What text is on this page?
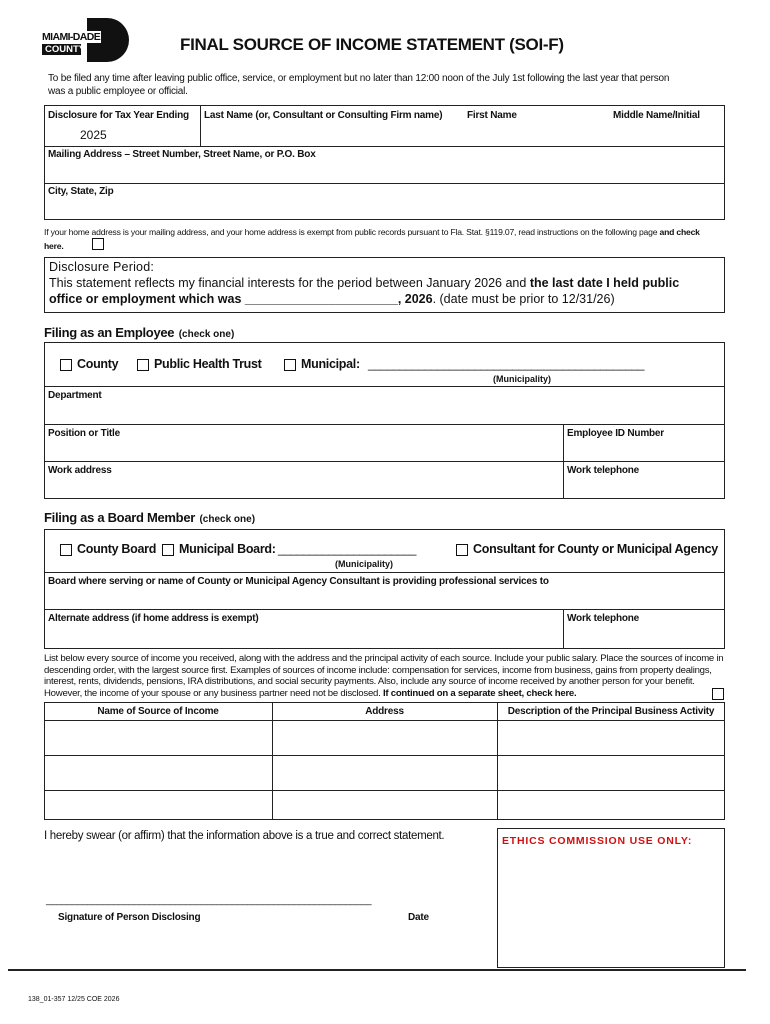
MIAMI-DADE
COUNTY	FINAL SOURCE OF INCOME STATEMENT (SOI-F)
To be filed any time after leaving public office, service, or employment but no later than 12:00 noon of the July 1st following the last year that person was a public employee or official.
Disclosure for Tax Year Ending
2025
Last Name (or, Consultant or Consulting Firm name) First Name	Middle Name/Initial
Mailing Address – Street Number, Street Name, or P.O. Box
City, State, Zip
If your home address is your mailing address, and your home address is exempt from public records pursuant to Fla. Stat. §119.07, read instructions on the following page and check here.
Disclosure Period:
This statement reflects my financial interests for the period between January 2026 and the last date I held public
office or employment which was ______________________, 2026. (date must be prior to 12/31/26)
Filing as an Employee (check one)
County	Public Health Trust	Municipal: ____________________________________________
(Municipality)
Department
Position or Title	Employee ID Number
Work address	Work telephone
Filing as a Board Member (check one)
County Board Municipal Board: ______________________
(Municipality)
Consultant for County or Municipal Agency
Board where serving or name of County or Municipal Agency Consultant is providing professional services to
Alternate address (if home address is exempt)	Work telephone
List below every source of income you received, along with the address and the principal activity of each source. Include your public salary. Place the sources of income in descending order, with the largest source first. Examples of sources of income include: compensation for services, income from business, gains from property dealings, interest, rents, dividends, pensions, IRA distributions, and social security payments. Also, include any source of income received by another person for your benefit. However, the income of your spouse or any business partner need not be disclosed. If continued on a separate sheet, check here.
Name of Source of Income	Address	Description of the Principal Business Activity
I hereby swear (or affirm) that the information above is a true and correct statement.
_______________________________________________________________
Signature of Person Disclosing	Date
ETHICS COMMISSION USE ONLY:
138_01-357 12/25 COE 2026
